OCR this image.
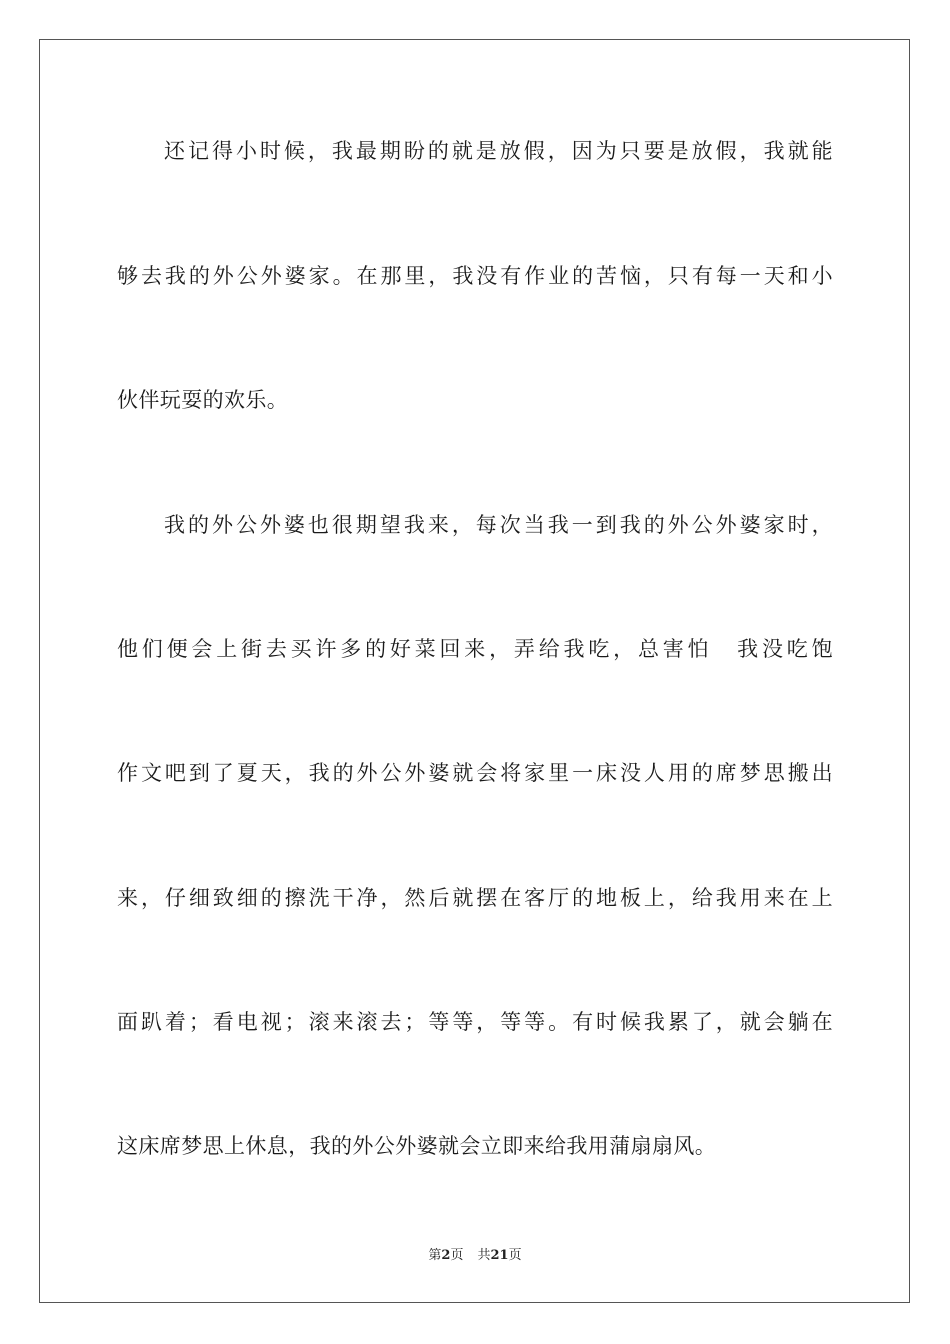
还记得小时候，我最期盼的就是放假，因为只要是放假，我就能
够去我的外公外婆家。在那里，我没有作业的苦恼，只有每一天和小
伙伴玩耍的欢乐。
我的外公外婆也很期望我来，每次当我一到我的外公外婆家时，
他们便会上街去买许多的好菜回来，弄给我吃，总害怕　我没吃饱
作文吧到了夏天，我的外公外婆就会将家里一床没人用的席梦思搬出
来，仔细致细的擦洗干净，然后就摆在客厅的地板上，给我用来在上
面趴着；看电视；滚来滚去；等等，等等。有时候我累了，就会躺在
这床席梦思上休息，我的外公外婆就会立即来给我用蒲扇扇风。
第2页 共21页
